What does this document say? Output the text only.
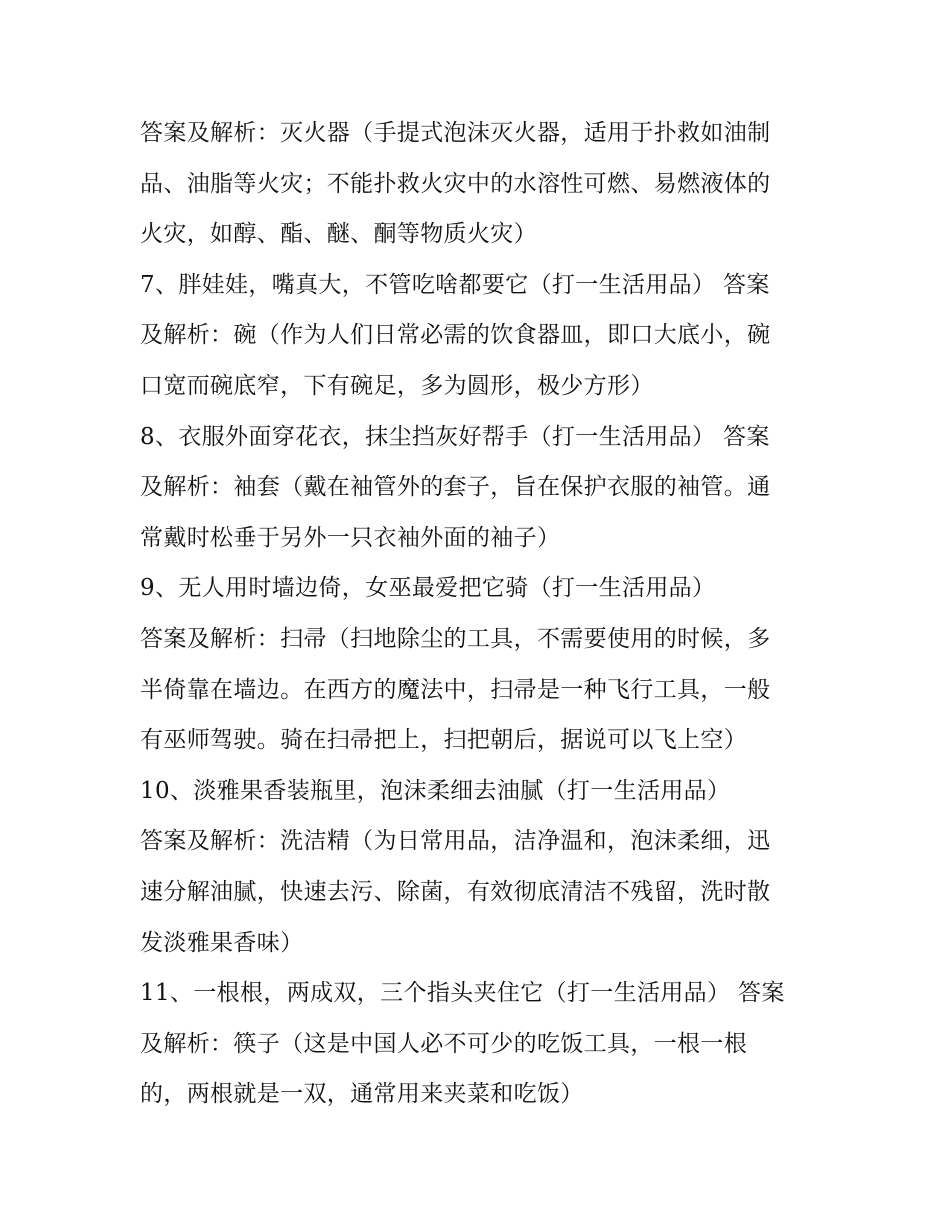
答案及解析：灭火器（手提式泡沫灭火器，适用于扑救如油制
品、油脂等火灾；不能扑救火灾中的水溶性可燃、易燃液体的
火灾，如醇、酯、醚、酮等物质火灾）
7、胖娃娃，嘴真大，不管吃啥都要它（打一生活用品） 答案
及解析：碗（作为人们日常必需的饮食器皿，即口大底小，碗
口宽而碗底窄，下有碗足，多为圆形，极少方形）
8、衣服外面穿花衣，抹尘挡灰好帮手（打一生活用品） 答案
及解析：袖套（戴在袖管外的套子，旨在保护衣服的袖管。通
常戴时松垂于另外一只衣袖外面的袖子）
9、无人用时墙边倚，女巫最爱把它骑（打一生活用品）
答案及解析：扫帚（扫地除尘的工具，不需要使用的时候，多
半倚靠在墙边。在西方的魔法中，扫帚是一种飞行工具，一般
有巫师驾驶。骑在扫帚把上，扫把朝后，据说可以飞上空）
10、淡雅果香装瓶里，泡沫柔细去油腻（打一生活用品）
答案及解析：洗洁精（为日常用品，洁净温和，泡沫柔细，迅
速分解油腻，快速去污、除菌，有效彻底清洁不残留，洗时散
发淡雅果香味）
11、一根根，两成双，三个指头夹住它（打一生活用品） 答案
及解析：筷子（这是中国人必不可少的吃饭工具，一根一根
的，两根就是一双，通常用来夹菜和吃饭）
